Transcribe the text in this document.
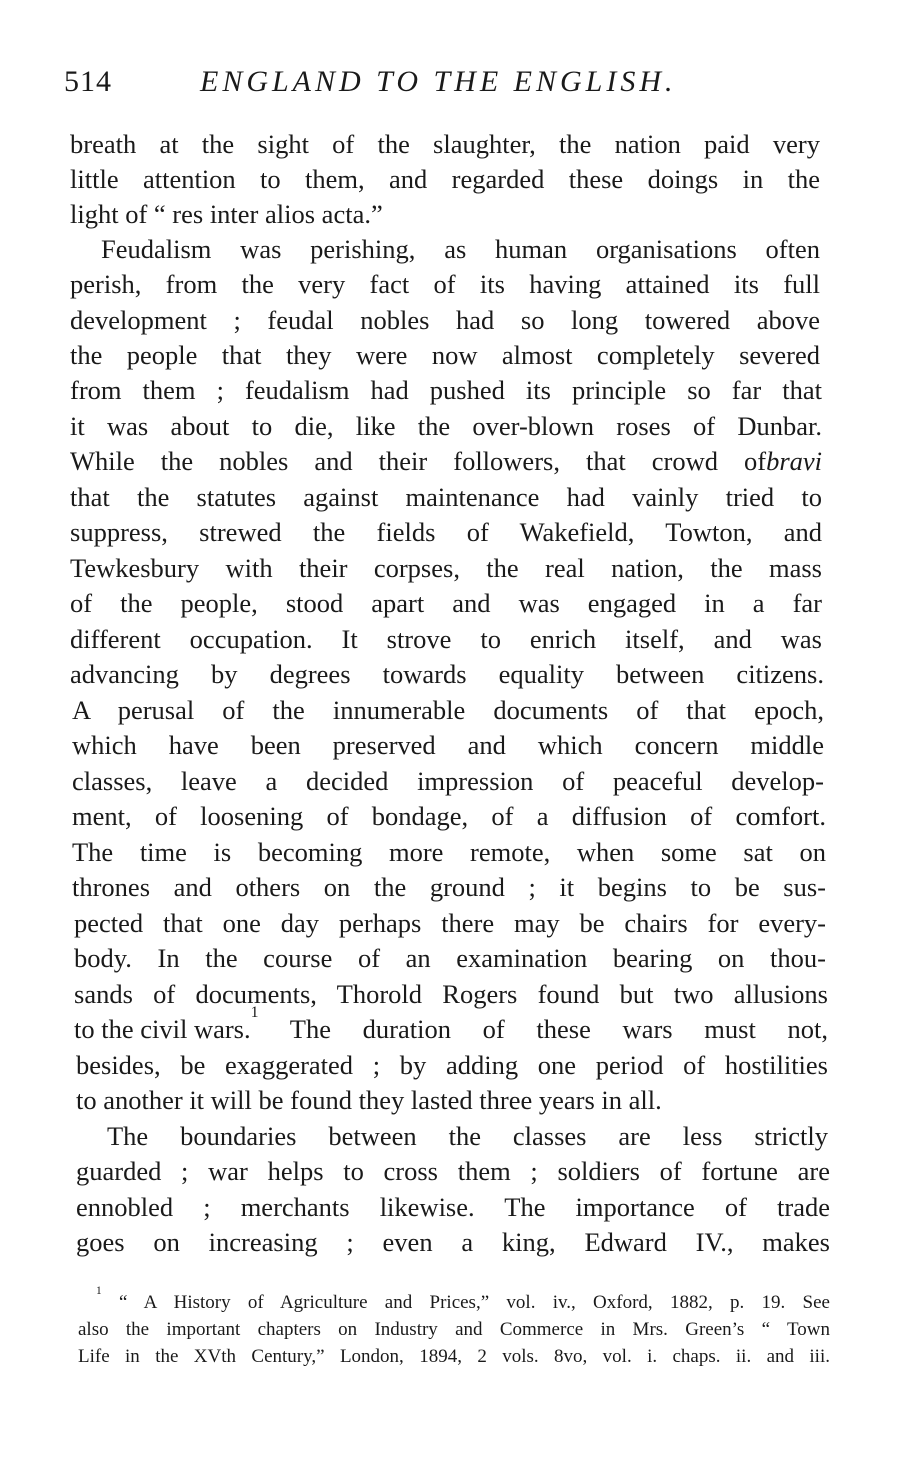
514	ENGLAND TO THE ENGLISH.
breath at the sight of the slaughter, the nation paid very
little attention to them, and regarded these doings in the
light of “ res inter alios acta.”
Feudalism was perishing, as human organisations often
perish, from the very fact of its having attained its full
development ; feudal nobles had so long towered above
the people that they were now almost completely severed
from them ; feudalism had pushed its principle so far that
it was about to die, like the over-blown roses of Dunbar.
While the nobles and their followers, that crowd of bravi
that the statutes against maintenance had vainly tried to
suppress, strewed the fields of Wakefield, Towton, and
Tewkesbury with their corpses, the real nation, the mass
of the people, stood apart and was engaged in a far
different occupation. It strove to enrich itself, and was
advancing by degrees towards equality between citizens.
A perusal of the innumerable documents of that epoch,
which have been preserved and which concern middle
classes, leave a decided impression of peaceful develop-
ment, of loosening of bondage, of a diffusion of comfort.
The time is becoming more remote, when some sat on
thrones and others on the ground ; it begins to be sus-
pected that one day perhaps there may be chairs for every-
body. In the course of an examination bearing on thou-
sands of documents, Thorold Rogers found but two allusions
to the civil wars.
1
The duration of these wars must not,
besides, be exaggerated ; by adding one period of hostilities
to another it will be found they lasted three years in all.
The boundaries between the classes are less strictly
guarded ; war helps to cross them ; soldiers of fortune are
ennobled ; merchants likewise. The importance of trade
goes on increasing ; even a king, Edward IV., makes
1
“ A History of Agriculture and Prices,” vol. iv., Oxford, 1882, p. 19. See
also the important chapters on Industry and Commerce in Mrs. Green’s “ Town
Life in the XVth Century,” London, 1894, 2 vols. 8vo, vol. i. chaps. ii. and iii.
